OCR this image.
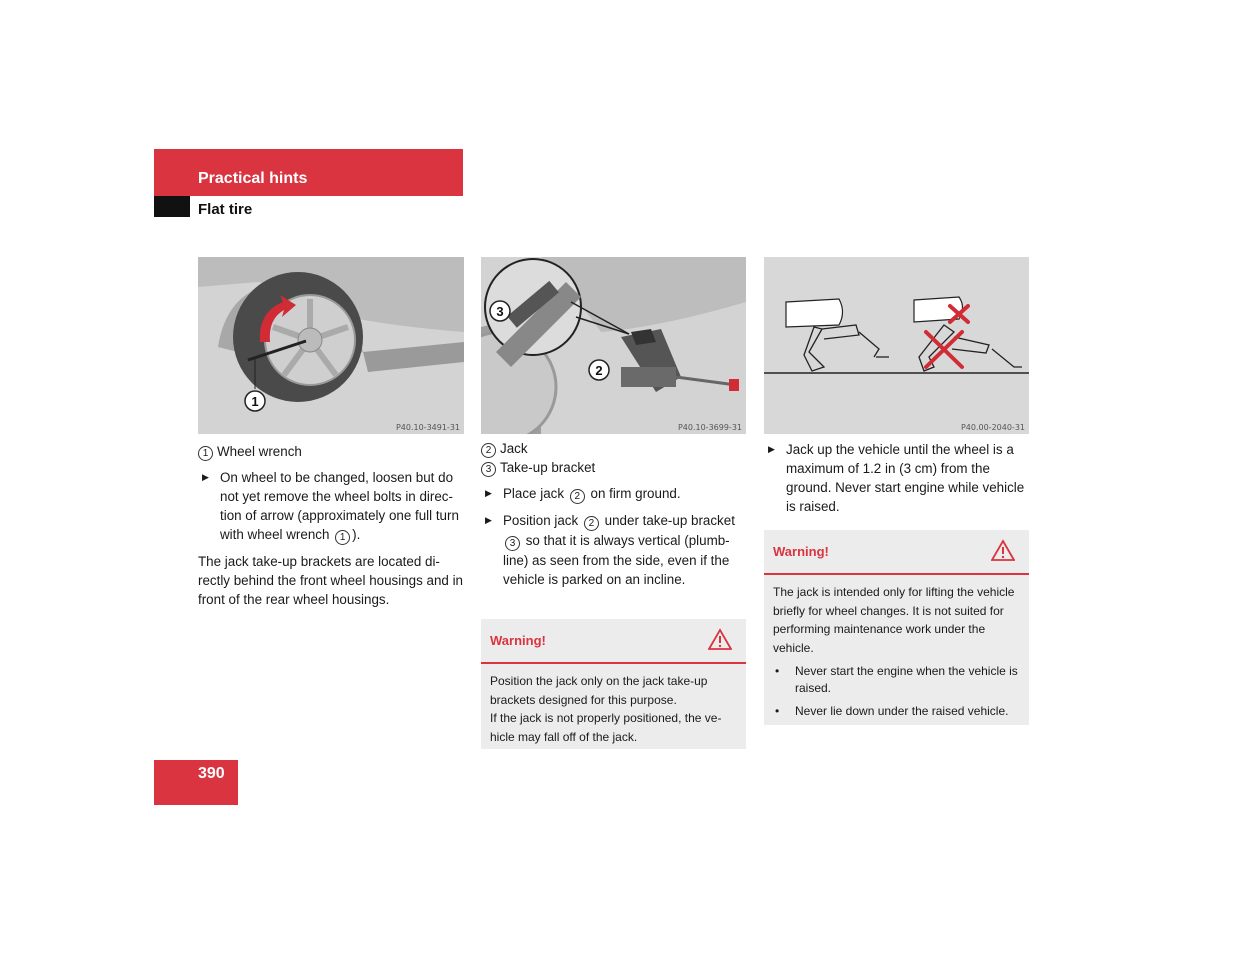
Practical hints
Flat tire
1
P40.10-3491-31
1 Wheel wrench

▶ On wheel to be changed, loosen but do not yet remove the wheel bolts in direc-tion of arrow (approximately one full turn with wheel wrench 1 ).

The jack take-up brackets are located di-rectly behind the front wheel housings and in front of the rear wheel housings.

3
2
P40.10-3699-31
2 Jack
3 Take-up bracket

▶ Place jack 2 on firm ground.

▶ Position jack 2 under take-up bracket 3 so that it is always vertical (plumb-line) as seen from the side, even if the vehicle is parked on an incline.

Warning!

Position the jack only on the jack take-up brackets designed for this purpose.

If the jack is not properly positioned, the ve-hicle may fall off of the jack.

P40.00-2040-31

▶ Jack up the vehicle until the wheel is a maximum of 1.2 in (3 cm) from the ground. Never start engine while vehicle is raised.

Warning!

The jack is intended only for lifting the vehicle briefly for wheel changes. It is not suited for performing maintenance work under the vehicle.

• Never start the engine when the vehicle is raised.

• Never lie down under the raised vehicle.

390
